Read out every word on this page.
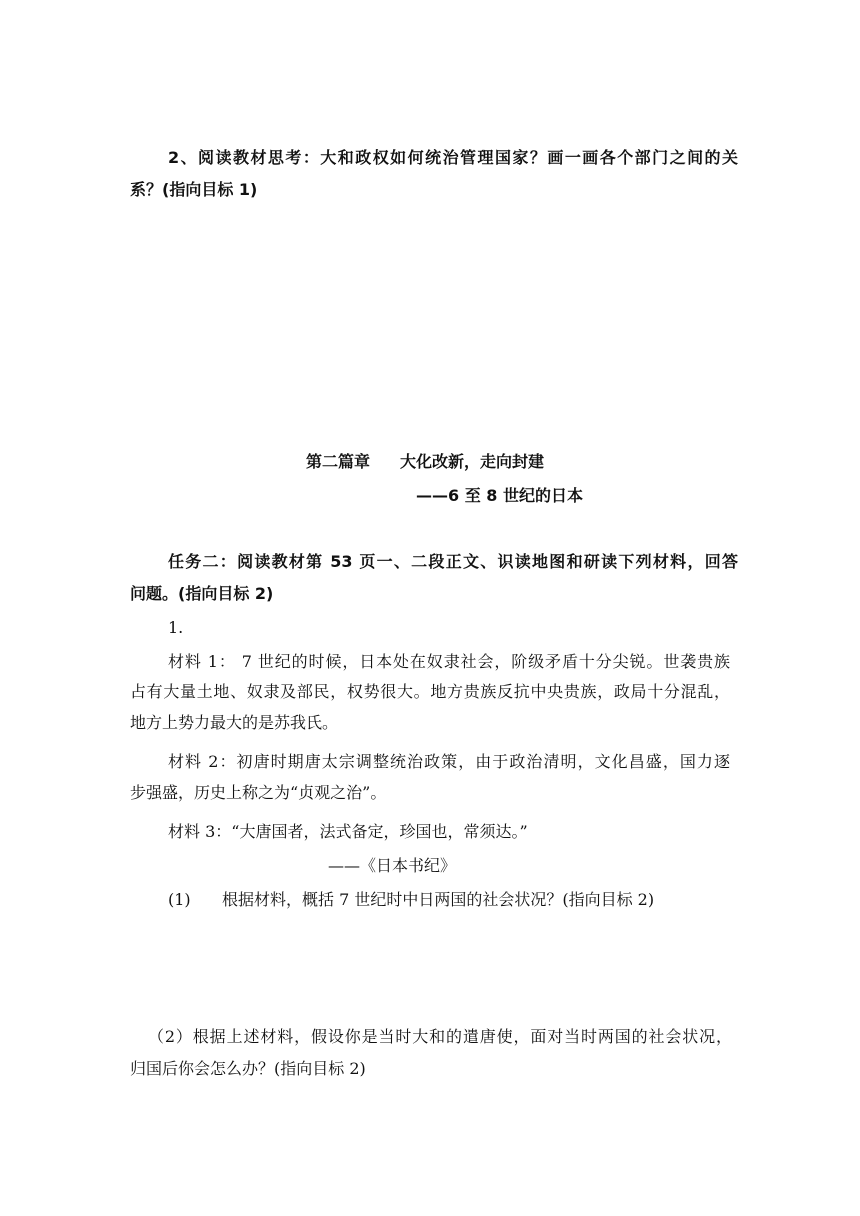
2、阅读教材思考：大和政权如何统治管理国家？画一画各个部门之间的关
系？(指向目标 1)
第二篇章 大化改新，走向封建
——6 至 8 世纪的日本
任务二：阅读教材第 53 页一、二段正文、识读地图和研读下列材料，回答
问题。(指向目标 2)
1.
材料 1： 7 世纪的时候，日本处在奴隶社会，阶级矛盾十分尖锐。世袭贵族
占有大量土地、奴隶及部民，权势很大。地方贵族反抗中央贵族，政局十分混乱，
地方上势力最大的是苏我氏。
材料 2：初唐时期唐太宗调整统治政策，由于政治清明，文化昌盛，国力逐
步强盛，历史上称之为“贞观之治”。
材料 3：“大唐国者，法式备定，珍国也，常须达。”
——《日本书纪》
(1) 根据材料，概括 7 世纪时中日两国的社会状况？(指向目标 2)
（2）根据上述材料，假设你是当时大和的遣唐使，面对当时两国的社会状况，
归国后你会怎么办？(指向目标 2)
